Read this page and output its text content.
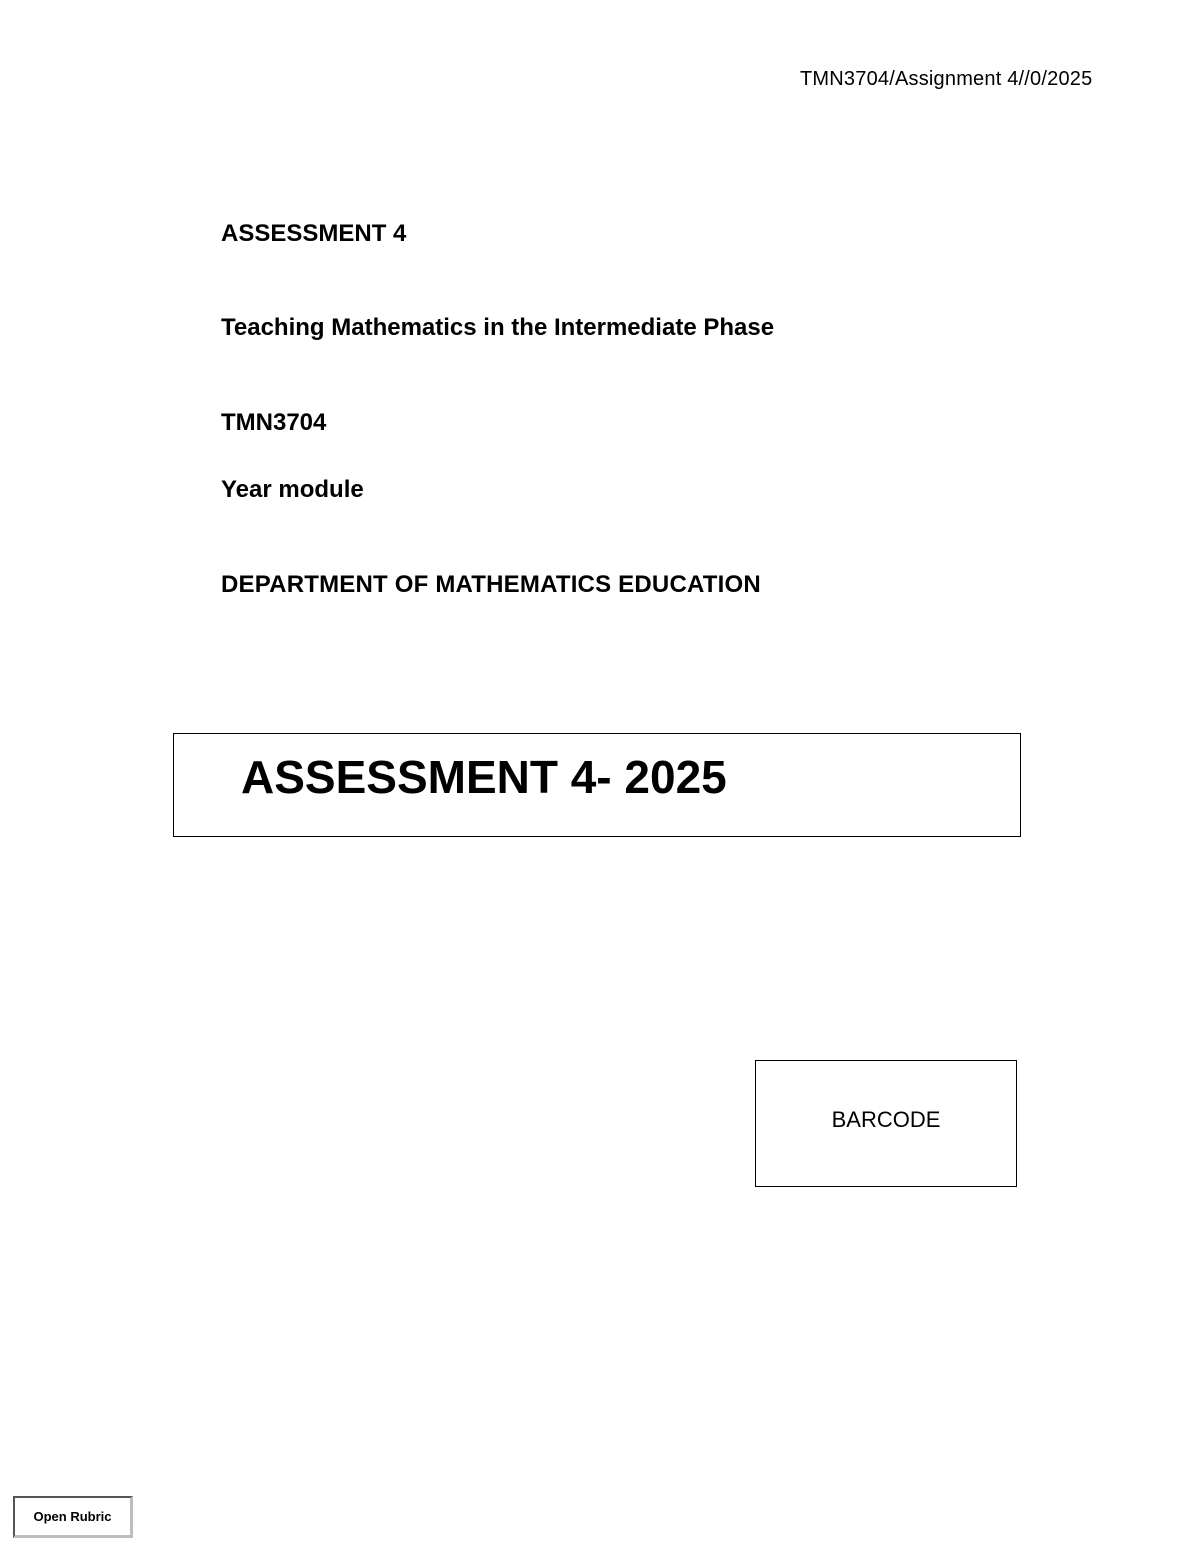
TMN3704/Assignment 4//0/2025
ASSESSMENT 4
Teaching Mathematics in the Intermediate Phase
TMN3704
Year module
DEPARTMENT OF MATHEMATICS EDUCATION
ASSESSMENT 4- 2025
BARCODE
Open Rubric
